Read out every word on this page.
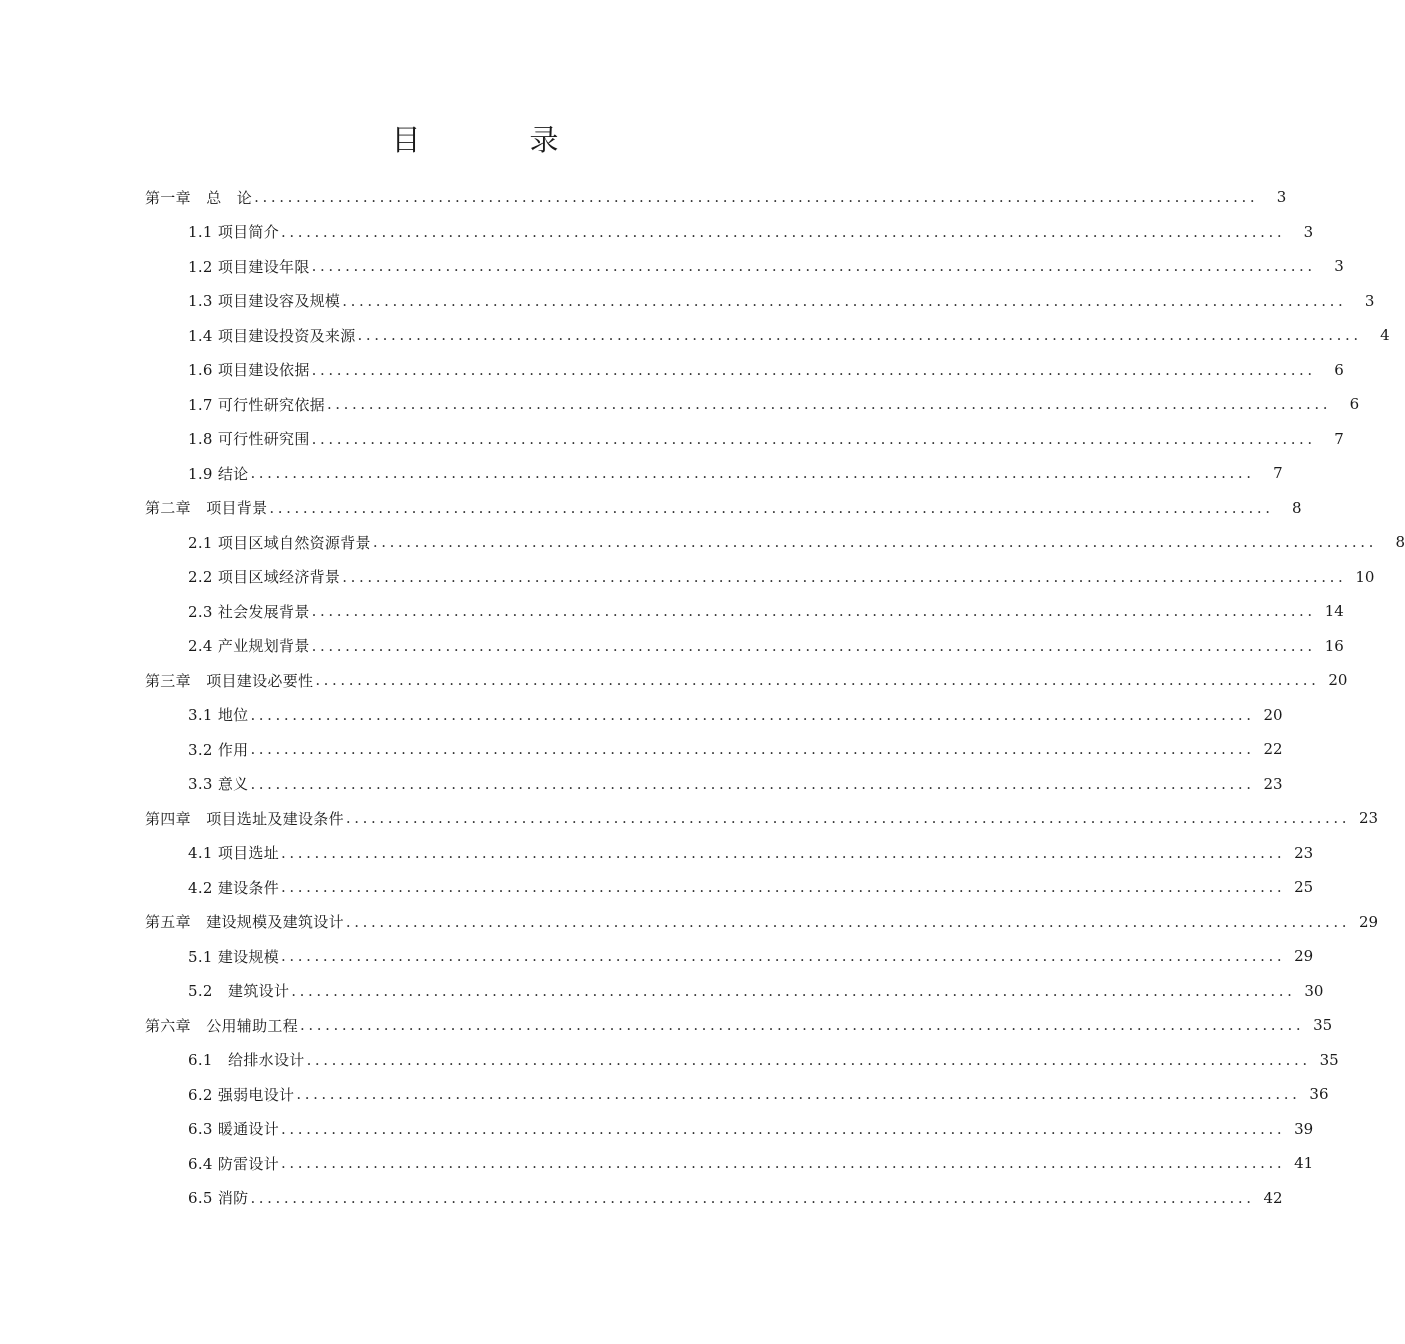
目　录
第一章　总　论 ........................................................................................................................	3
1.1 项目简介 ........................................................................................................................	3
1.2 项目建设年限 ........................................................................................................................	3
1.3 项目建设容及规模 ........................................................................................................................	3
1.4 项目建设投资及来源 ........................................................................................................................	4
1.6 项目建设依据 ........................................................................................................................	6
1.7 可行性研究依据 ........................................................................................................................	6
1.8 可行性研究围 ........................................................................................................................	7
1.9 结论 ........................................................................................................................	7
第二章　项目背景 ........................................................................................................................	8
2.1 项目区域自然资源背景 ........................................................................................................................	8
2.2 项目区域经济背景 ........................................................................................................................ 10
2.3 社会发展背景 ........................................................................................................................ 14
2.4 产业规划背景 ........................................................................................................................ 16
第三章　项目建设必要性 ........................................................................................................................ 20
3.1 地位 ........................................................................................................................ 20
3.2 作用 ........................................................................................................................ 22
3.3 意义 ........................................................................................................................ 23
第四章　项目选址及建设条件 ........................................................................................................................ 23
4.1 项目选址 ........................................................................................................................ 23
4.2 建设条件 ........................................................................................................................ 25
第五章　建设规模及建筑设计 ........................................................................................................................ 29
5.1 建设规模 ........................................................................................................................ 29
5.2　建筑设计 ........................................................................................................................ 30
第六章　公用辅助工程 ........................................................................................................................ 35
6.1　给排水设计 ........................................................................................................................ 35
6.2 强弱电设计 ........................................................................................................................ 36
6.3 暖通设计 ........................................................................................................................ 39
6.4 防雷设计 ........................................................................................................................ 41
6.5 消防 ........................................................................................................................ 42
